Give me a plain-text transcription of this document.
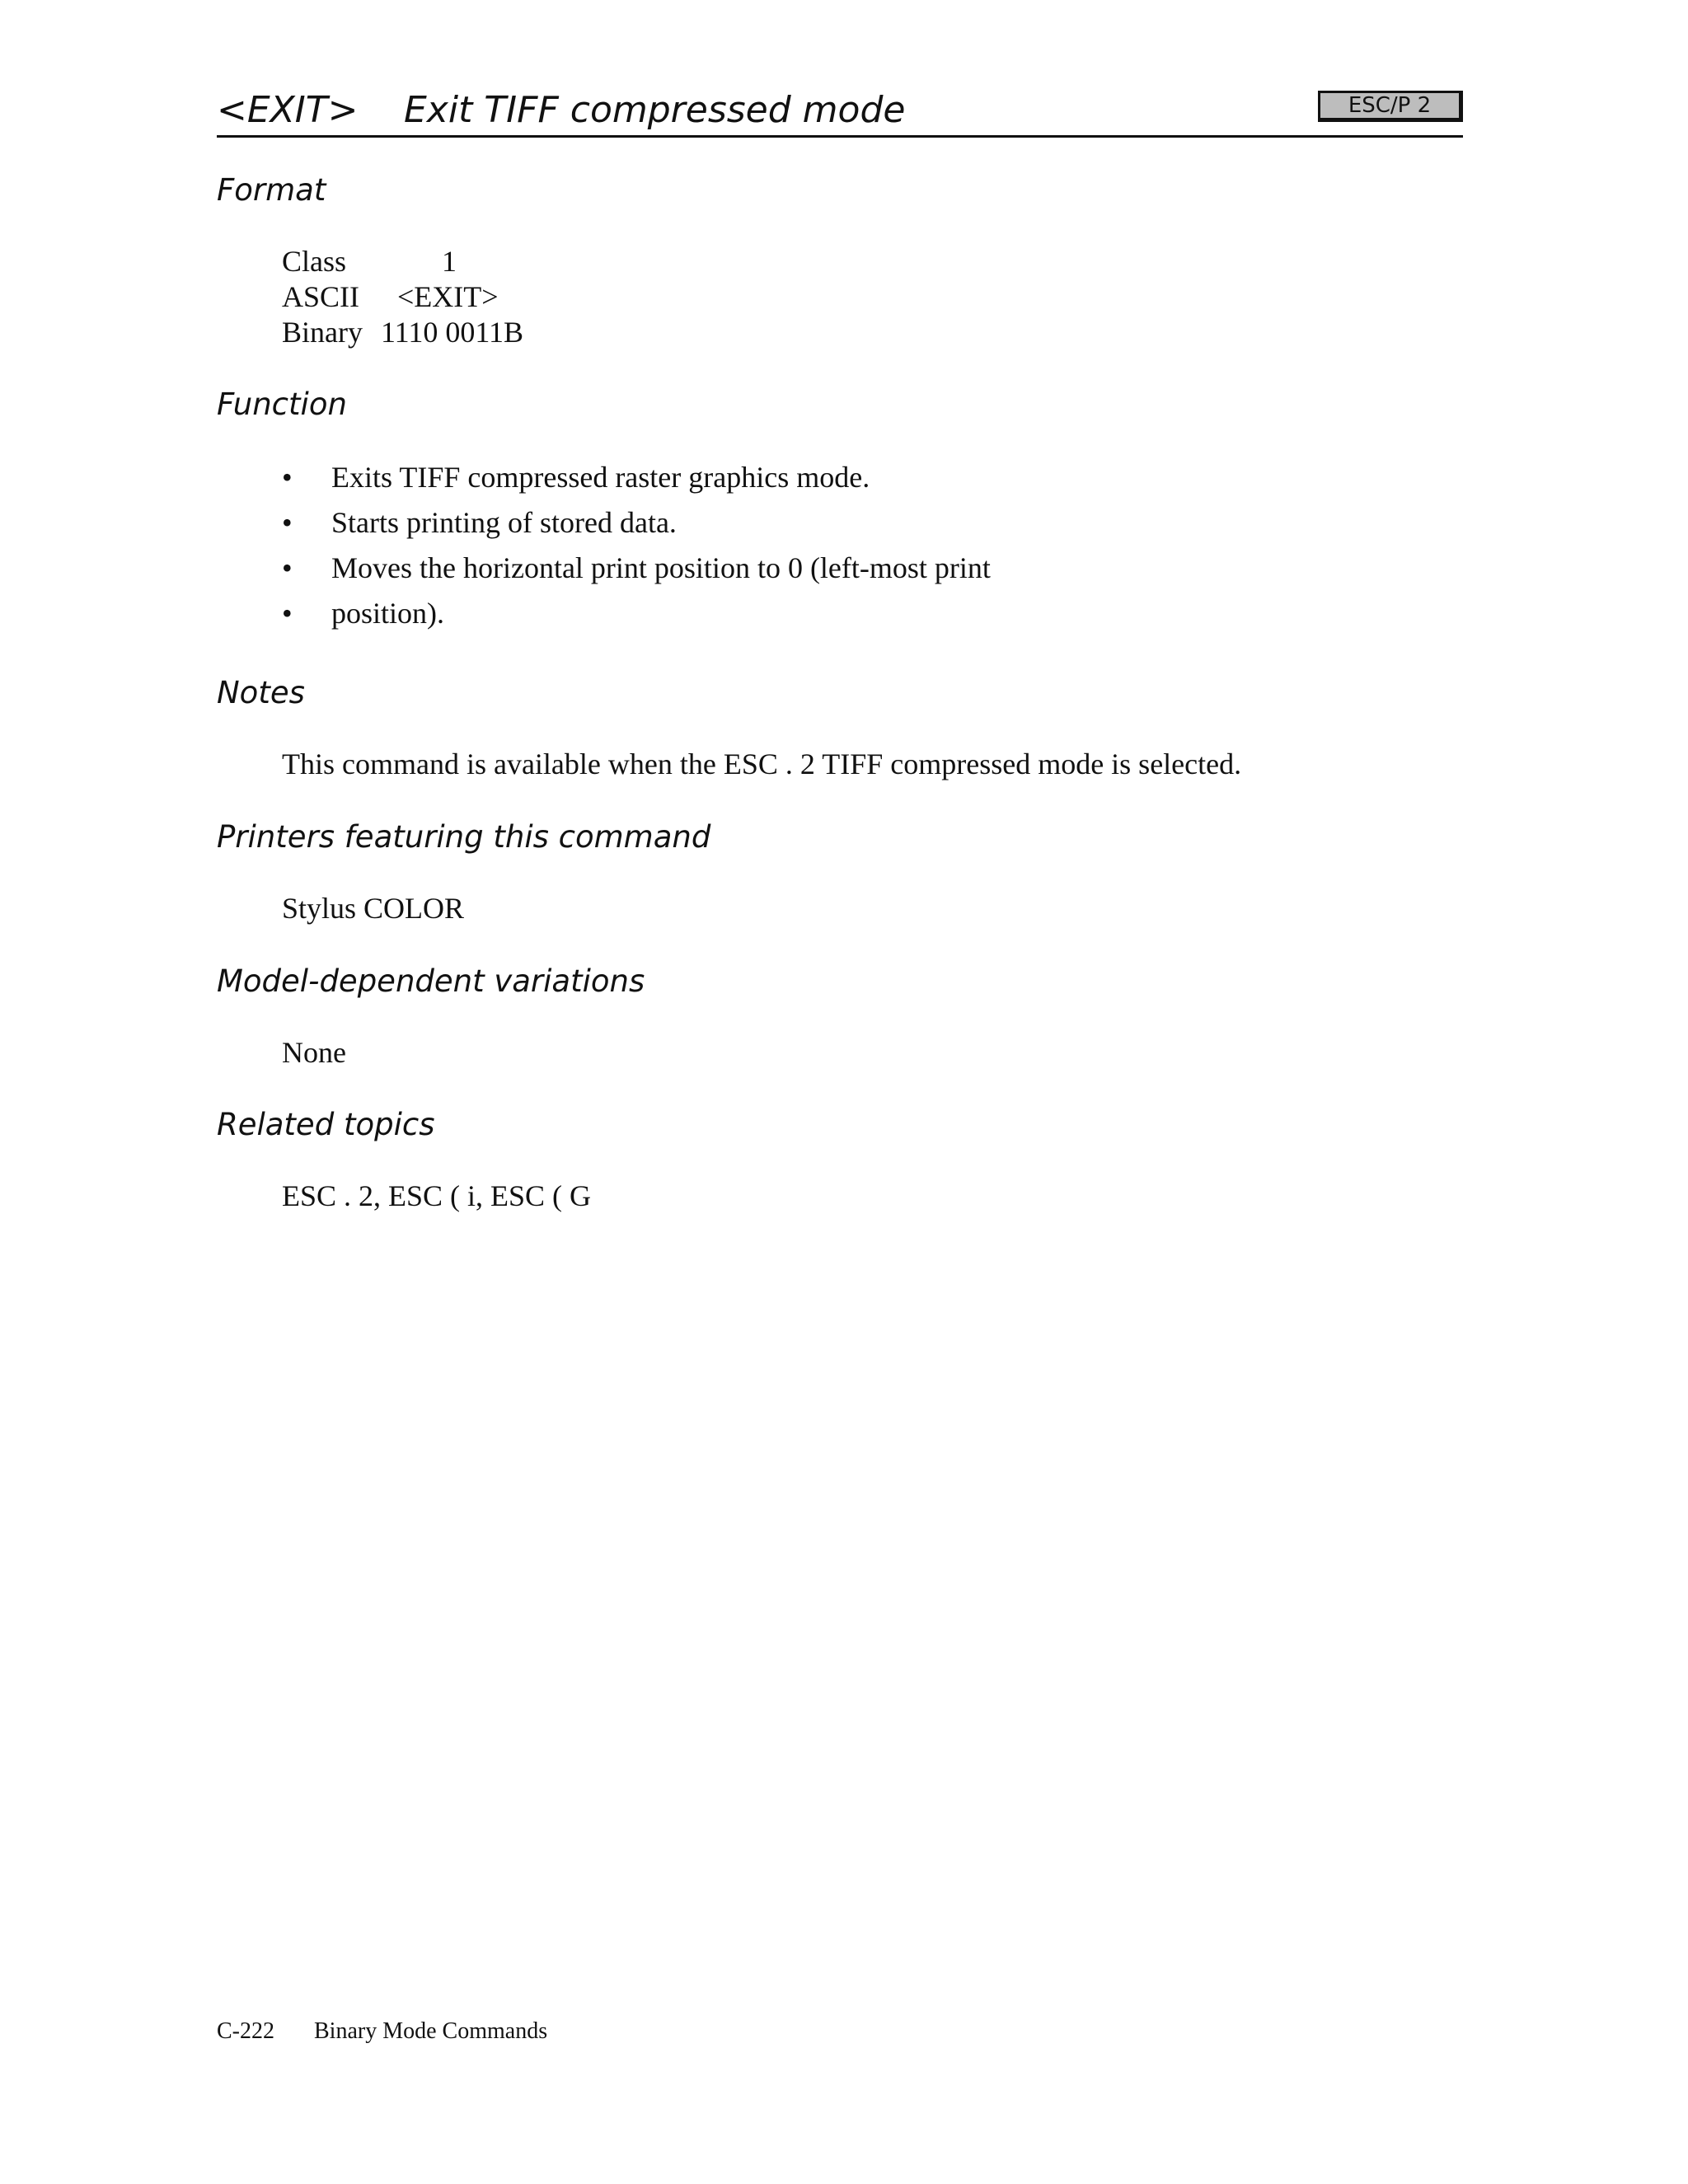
<EXIT> Exit TIFF compressed mode	ESC/P 2
Format
Class	1
ASCII <EXIT>
Binary 1110 0011B
Function
• Exits TIFF compressed raster graphics mode.
• Starts printing of stored data.
• Moves the horizontal print position to 0 (left-most print
• position).
Notes

This command is available when the ESC . 2 TIFF compressed mode is selected.

Printers featuring this command

Stylus COLOR

Model-dependent variations

None

Related topics

ESC . 2, ESC ( i, ESC ( G

C-222 Binary Mode Commands
